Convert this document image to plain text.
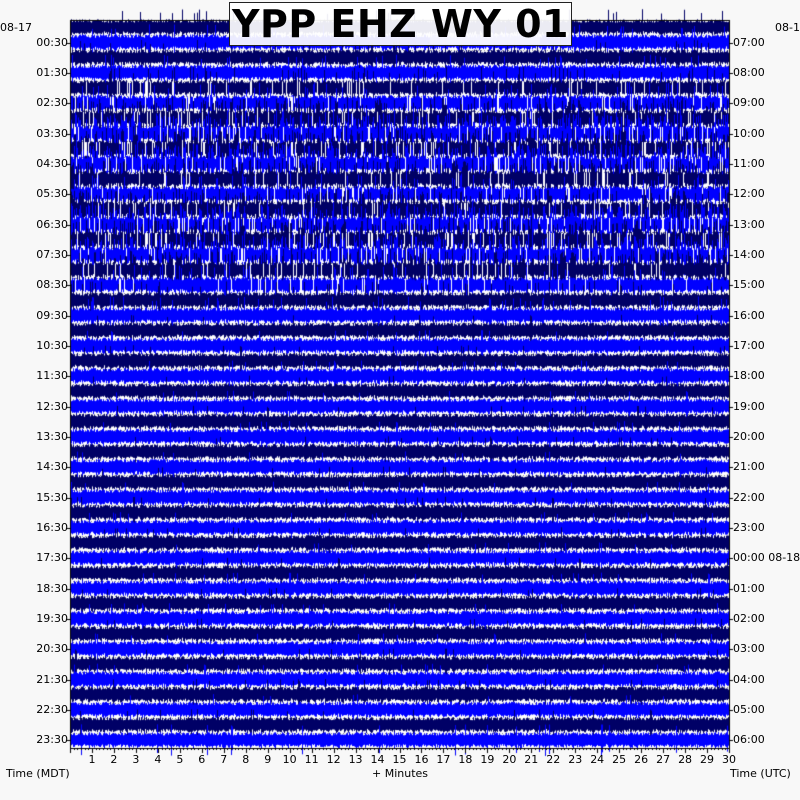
YPP EHZ WY 01
08-17	08-1
00:30
01:30
02:30
03:30
04:30
05:30
06:30
07:30
08:30
09:30
10:30
11:30
12:30
13:30
14:30
15:30
16:30
17:30
18:30
19:30
20:30
21:30
22:30
23:30
07:00
08:00
09:00
10:00
11:00
12:00
13:00
14:00
15:00
16:00
17:00
18:00
19:00
20:00
21:00
22:00
23:00
00:00 08-18
01:00
02:00
03:00
04:00
05:00
06:00
1	2	3	4	5	6	7	8	9	10 11 12 13 14 15 16 17 18 19 20 21 22 23 24 25 26 27 28 29 30
Time (MDT)	+ Minutes	Time (UTC)
